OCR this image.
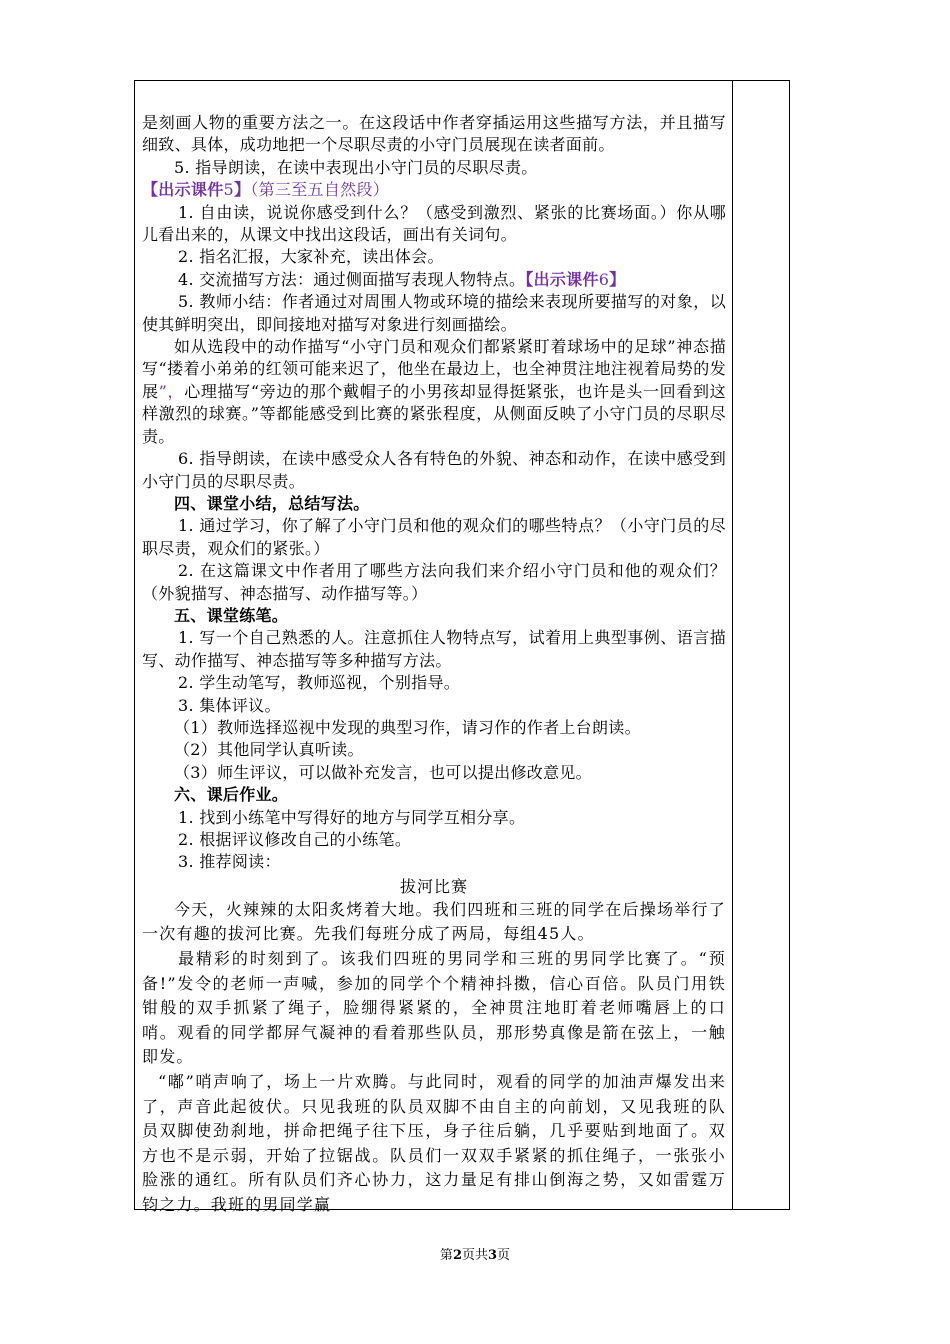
是刻画人物的重要方法之一。在这段话中作者穿插运用这些描写方法，并且描写细致、具体，成功地把一个尽职尽责的小守门员展现在读者面前。

5. 指导朗读，在读中表现出小守门员的尽职尽责。

【出示课件5】（第三至五自然段）

1. 自由读，说说你感受到什么？（感受到激烈、紧张的比赛场面。）你从哪儿看出来的，从课文中找出这段话，画出有关词句。

2. 指名汇报，大家补充，读出体会。

4. 交流描写方法：通过侧面描写表现人物特点。【出示课件6】

5. 教师小结：作者通过对周围人物或环境的描绘来表现所要描写的对象，以使其鲜明突出，即间接地对描写对象进行刻画描绘。

如从选段中的动作描写“小守门员和观众们都紧紧盯着球场中的足球”神态描写“搂着小弟弟的红领可能来迟了，他坐在最边上，也全神贯注地注视着局势的发展”，心理描写“旁边的那个戴帽子的小男孩却显得挺紧张，也许是头一回看到这样激烈的球赛。”等都能感受到比赛的紧张程度，从侧面反映了小守门员的尽职尽责。

6. 指导朗读，在读中感受众人各有特色的外貌、神态和动作，在读中感受到小守门员的尽职尽责。

四、课堂小结，总结写法。

1. 通过学习，你了解了小守门员和他的观众们的哪些特点？（小守门员的尽职尽责，观众们的紧张。）

2. 在这篇课文中作者用了哪些方法向我们来介绍小守门员和他的观众们？（外貌描写、神态描写、动作描写等。）

五、课堂练笔。

1. 写一个自己熟悉的人。注意抓住人物特点写，试着用上典型事例、语言描写、动作描写、神态描写等多种描写方法。

2. 学生动笔写，教师巡视，个别指导。

3. 集体评议。

（1）教师选择巡视中发现的典型习作，请习作的作者上台朗读。

（2）其他同学认真听读。

（3）师生评议，可以做补充发言，也可以提出修改意见。

六、课后作业。

1. 找到小练笔中写得好的地方与同学互相分享。

2. 根据评议修改自己的小练笔。

3. 推荐阅读：

拔河比赛

今天，火辣辣的太阳炙烤着大地。我们四班和三班的同学在后操场举行了一次有趣的拔河比赛。先我们每班分成了两局，每组45人。

最精彩的时刻到了。该我们四班的男同学和三班的男同学比赛了。“预备!”发令的老师一声喊，参加的同学个个精神抖擞，信心百倍。队员门用铁钳般的双手抓紧了绳子，脸绷得紧紧的，全神贯注地盯着老师嘴唇上的口哨。观看的同学都屏气凝神的看着那些队员，那形势真像是箭在弦上，一触即发。

“嘟”哨声响了，场上一片欢腾。与此同时，观看的同学的加油声爆发出来了，声音此起彼伏。只见我班的队员双脚不由自主的向前划，又见我班的队员双脚使劲刹地，拼命把绳子往下压，身子往后躺，几乎要贴到地面了。双方也不是示弱，开始了拉锯战。队员们一双双手紧紧的抓住绳子，一张张小脸涨的通红。所有队员们齐心协力，这力量足有排山倒海之势，又如雷霆万钧之力。我班的男同学赢

第2页共3页
